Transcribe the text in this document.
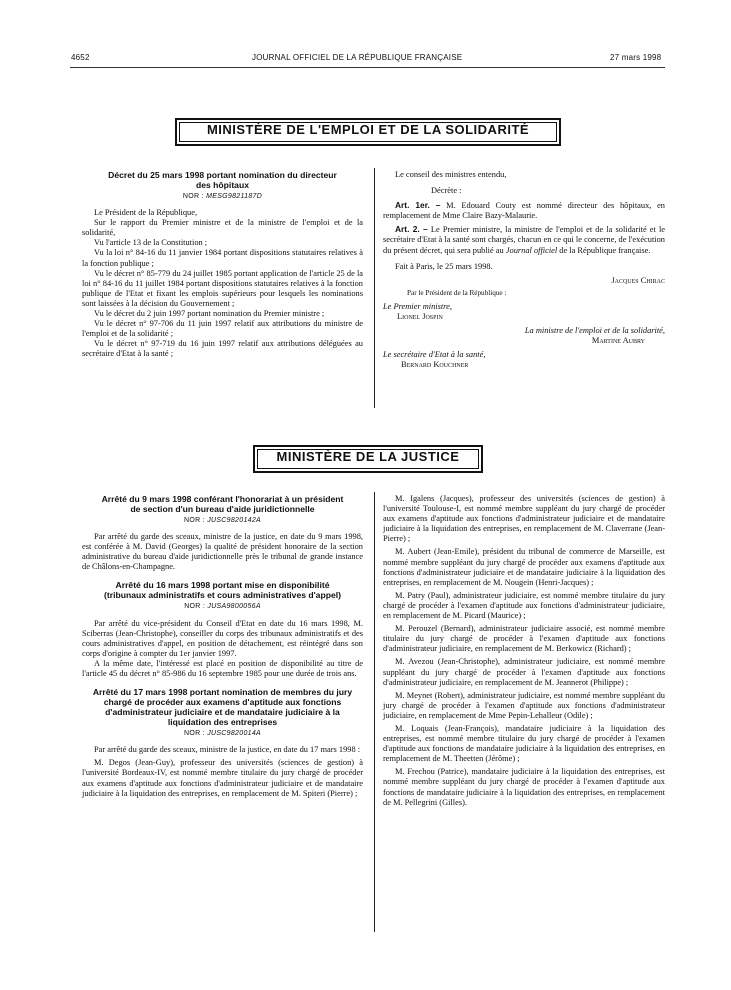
4652	JOURNAL OFFICIEL DE LA RÉPUBLIQUE FRANÇAISE	27 mars 1998
MINISTÈRE DE L'EMPLOI ET DE LA SOLIDARITÉ
Décret du 25 mars 1998 portant nomination du directeur des hôpitaux
NOR : MESG9821187D

Le Président de la République,

Sur le rapport du Premier ministre et de la ministre de l'emploi et de la solidarité,

Vu l'article 13 de la Constitution ;

Vu la loi n° 84-16 du 11 janvier 1984 portant dispositions statutaires relatives à la fonction publique ;

Vu le décret n° 85-779 du 24 juillet 1985 portant application de l'article 25 de la loi n° 84-16 du 11 juillet 1984 portant dispositions statutaires relatives à la fonction publique de l'Etat et fixant les emplois supérieurs pour lesquels les nominations sont laissées à la décision du Gouvernement ;

Vu le décret du 2 juin 1997 portant nomination du Premier ministre ;

Vu le décret n° 97-706 du 11 juin 1997 relatif aux attributions du ministre de l'emploi et de la solidarité ;

Vu le décret n° 97-719 du 16 juin 1997 relatif aux attributions déléguées au secrétaire d'Etat à la santé ;

Le conseil des ministres entendu,

Décrète :

Art. 1er. – M. Edouard Couty est nommé directeur des hôpitaux, en remplacement de Mme Claire Bazy-Malaurie.

Art. 2. – Le Premier ministre, la ministre de l'emploi et de la solidarité et le secrétaire d'Etat à la santé sont chargés, chacun en ce qui le concerne, de l'exécution du présent décret, qui sera publié au Journal officiel de la République française.

Fait à Paris, le 25 mars 1998.

Jacques Chirac
Par le Président de la République :
Le Premier ministre,
Lionel Jospin
La ministre de l'emploi et de la solidarité,
Martine Aubry
Le secrétaire d'Etat à la santé,
Bernard Kouchner
MINISTÈRE DE LA JUSTICE
Arrêté du 9 mars 1998 conférant l'honorariat à un président de section d'un bureau d'aide juridictionnelle
NOR : JUSC9820142A

Par arrêté du garde des sceaux, ministre de la justice, en date du 9 mars 1998, est conférée à M. David (Georges) la qualité de président honoraire de la section administrative du bureau d'aide juridictionnelle près le tribunal de grande instance de Châlons-en-Champagne.

Arrêté du 16 mars 1998 portant mise en disponibilité (tribunaux administratifs et cours administratives d'appel)
NOR : JUSA9800056A

Par arrêté du vice-président du Conseil d'Etat en date du 16 mars 1998, M. Sciberras (Jean-Christophe), conseiller du corps des tribunaux administratifs et des cours administratives d'appel, en position de détachement, est réintégré dans son corps d'origine à compter du 1er janvier 1997.

A la même date, l'intéressé est placé en position de disponibilité au titre de l'article 45 du décret n° 85-986 du 16 septembre 1985 pour une durée de trois ans.

Arrêté du 17 mars 1998 portant nomination de membres du jury chargé de procéder aux examens d'aptitude aux fonctions d'administrateur judiciaire et de mandataire judiciaire à la liquidation des entreprises
NOR : JUSC9820014A

Par arrêté du garde des sceaux, ministre de la justice, en date du 17 mars 1998 :

M. Degos (Jean-Guy), professeur des universités (sciences de gestion) à l'université Bordeaux-IV, est nommé membre titulaire du jury chargé de procéder aux examens d'aptitude aux fonctions d'administrateur judiciaire et de mandataire judiciaire à la liquidation des entreprises, en remplacement de M. Spiteri (Pierre) ;

M. Igalens (Jacques), professeur des universités (sciences de gestion) à l'université Toulouse-I, est nommé membre suppléant du jury chargé de procéder aux examens d'aptitude aux fonctions d'administrateur judiciaire et de mandataire judiciaire à la liquidation des entreprises, en remplacement de M. Claverrane (Jean-Pierre) ;

M. Aubert (Jean-Emile), président du tribunal de commerce de Marseille, est nommé membre suppléant du jury chargé de procéder aux examens d'aptitude aux fonctions d'administrateur judiciaire et de mandataire judiciaire à la liquidation des entreprises, en remplacement de M. Nougein (Henri-Jacques) ;

M. Patry (Paul), administrateur judiciaire, est nommé membre titulaire du jury chargé de procéder à l'examen d'aptitude aux fonctions d'administrateur judiciaire, en remplacement de M. Picard (Maurice) ;

M. Perouzel (Bernard), administrateur judiciaire associé, est nommé membre titulaire du jury chargé de procéder à l'examen d'aptitude aux fonctions d'administrateur judiciaire, en remplacement de M. Berkowicz (Richard) ;

M. Avezou (Jean-Christophe), administrateur judiciaire, est nommé membre suppléant du jury chargé de procéder à l'examen d'aptitude aux fonctions d'administrateur judiciaire, en remplacement de M. Jeannerot (Philippe) ;

M. Meynet (Robert), administrateur judiciaire, est nommé membre suppléant du jury chargé de procéder à l'examen d'aptitude aux fonctions d'administrateur judiciaire, en remplacement de Mme Pepin-Lehalleur (Odile) ;

M. Loquais (Jean-François), mandataire judiciaire à la liquidation des entreprises, est nommé membre titulaire du jury chargé de procéder à l'examen d'aptitude aux fonctions de mandataire judiciaire à la liquidation des entreprises, en remplacement de M. Theetten (Jérôme) ;

M. Frechou (Patrice), mandataire judiciaire à la liquidation des entreprises, est nommé membre suppléant du jury chargé de procéder à l'examen d'aptitude aux fonctions de mandataire judiciaire à la liquidation des entreprises, en remplacement de M. Pellegrini (Gilles).
